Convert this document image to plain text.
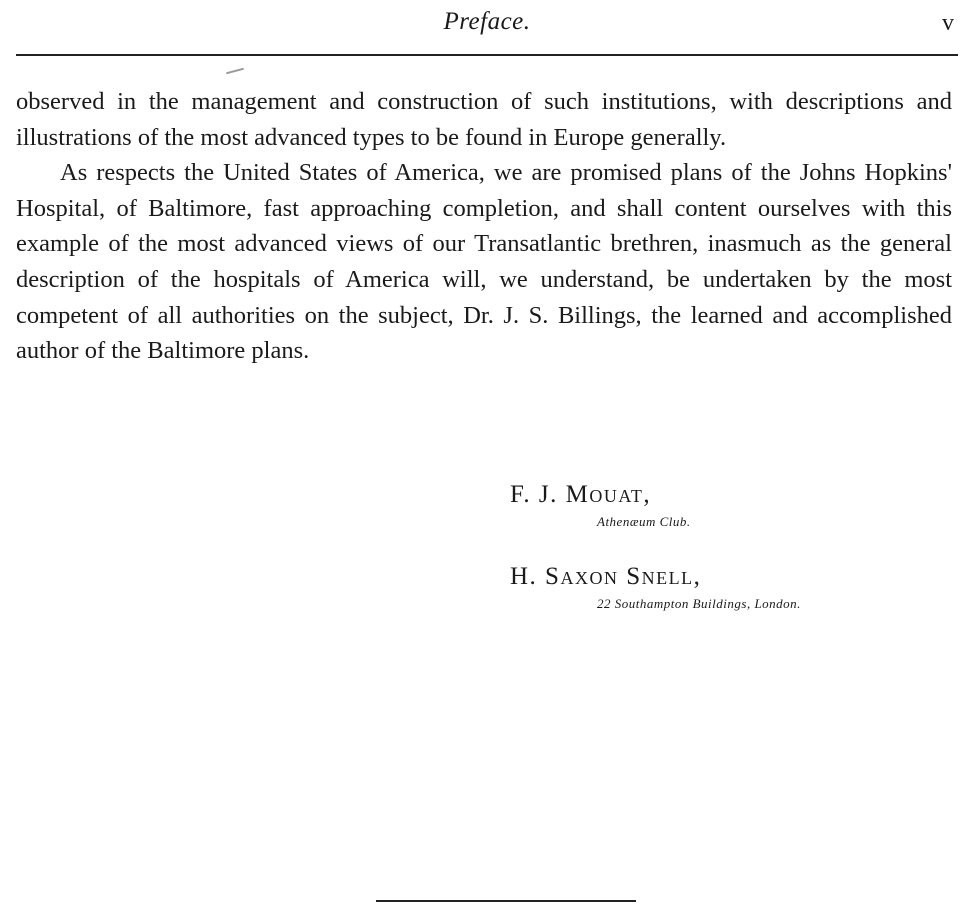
Preface.	v

observed in the management and construction of such institutions, with descriptions and illustrations of the most advanced types to be found in Europe generally.

As respects the United States of America, we are promised plans of the Johns Hopkins' Hospital, of Baltimore, fast approaching completion, and shall content ourselves with this example of the most advanced views of our Transatlantic brethren, inasmuch as the general description of the hospitals of America will, we understand, be undertaken by the most competent of all authorities on the subject, Dr. J. S. Billings, the learned and accomplished author of the Baltimore plans.

F. J. Mouat,
Athenæum Club.
H. Saxon Snell,
22 Southampton Buildings, London.
